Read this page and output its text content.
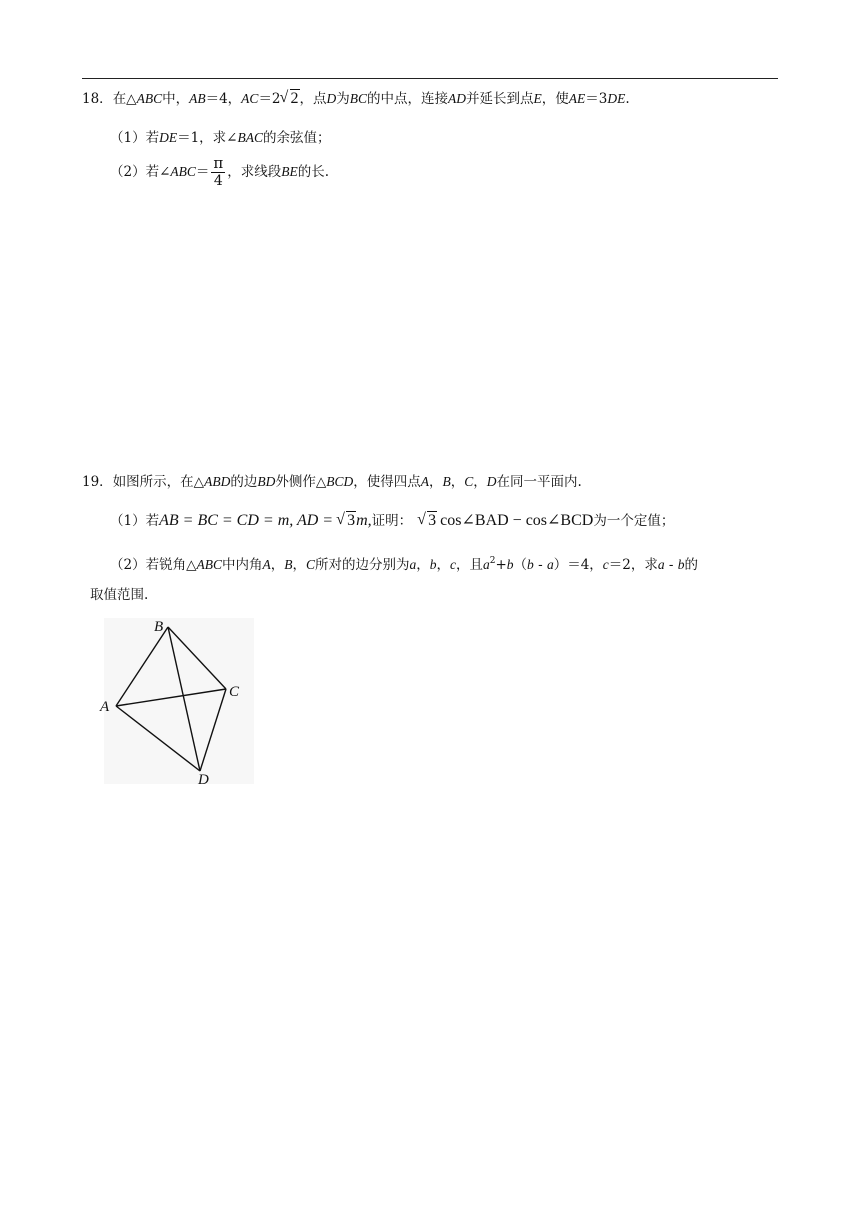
18．在△ABC中，AB＝4，AC＝2 √ 2，点D为BC的中点，连接AD并延长到点E，使AE＝3DE.
（1）若DE＝1，求∠BAC的余弦值；
（2）若∠ABC＝ $\frac{\pi}{4}$ ，求线段BE的长.
19．如图所示，在△ABD的边BD外侧作△BCD，使得四点A，B，C，D在同一平面内.
（1）若AB = BC = CD = m, AD = √ 3m,证明： √ 3 cos∠BAD − cos∠BCD为一个定值；
（2）若锐角△ABC中内角A，B，C所对的边分别为a，b，c，且$a^2+b(b - a)=4$，c＝2，求a - b的
取值范围.
B
A
C
D
